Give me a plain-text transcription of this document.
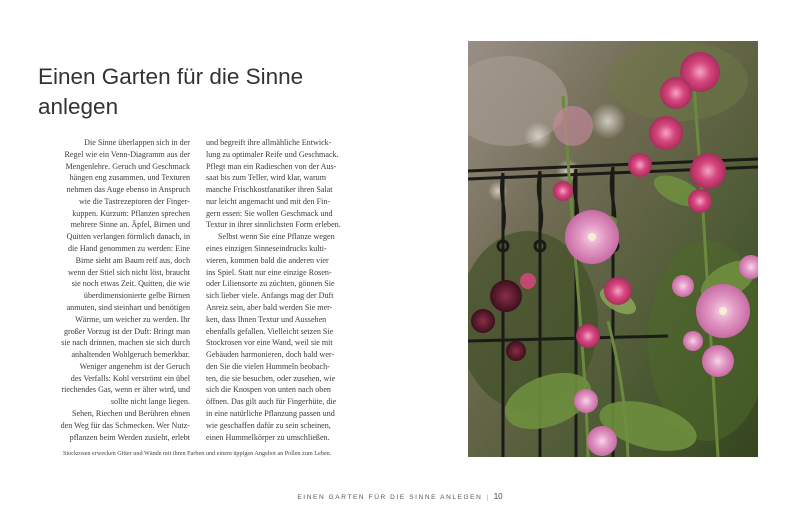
Einen Garten für die Sinne
anlegen
Die Sinne überlappen sich in der
Regel wie ein Venn-Diagramm aus der
Mengenlehre. Geruch und Geschmack
hängen eng zusammen, und Texturen
nehmen das Auge ebenso in Anspruch
wie die Tastrezeptoren der Finger-
kuppen. Kurzum: Pflanzen sprechen
mehrere Sinne an. Äpfel, Birnen und
Quitten verlangen förmlich danach, in
die Hand genommen zu werden: Eine
Birne sieht am Baum reif aus, doch
wenn der Stiel sich nicht löst, braucht
sie noch etwas Zeit. Quitten, die wie
überdimensionierte gelbe Birnen
anmuten, sind steinhart und benötigen
Wärme, um weicher zu werden. Ihr
großer Vorzug ist der Duft: Bringt man
sie nach drinnen, machen sie sich durch
anhaltenden Wohlgeruch bemerkbar.
Weniger angenehm ist der Geruch
des Verfalls: Kohl verströmt ein übel
riechendes Gas, wenn er älter wird, und
sollte nicht lange liegen.
Sehen, Riechen und Berühren ebnen
den Weg für das Schmecken. Wer Nutz-
pflanzen beim Werden zusieht, erlebt
und begreift ihre allmähliche Entwick-
lung zu optimaler Reife und Geschmack.
Pflegt man ein Radieschen von der Aus-
saat bis zum Teller, wird klar, warum
manche Frischkostfanatiker ihren Salat
nur leicht angemacht und mit den Fin-
gern essen: Sie wollen Geschmack und
Textur in ihrer sinnlichsten Form erleben.
Selbst wenn Sie eine Pflanze wegen
eines einzigen Sinneseindrucks kulti-
vieren, kommen bald die anderen vier
ins Spiel. Statt nur eine einzige Rosen-
oder Liliensorte zu züchten, gönnen Sie
sich lieber viele. Anfangs mag der Duft
Anreiz sein, aber bald werden Sie mer-
ken, dass Ihnen Textur und Aussehen
ebenfalls gefallen. Vielleicht setzen Sie
Stockrosen vor eine Wand, weil sie mit
Gebäuden harmonieren, doch bald wer-
den Sie die vielen Hummeln beobach-
ten, die sie besuchen, oder zusehen, wie
sich die Knospen von unten nach oben
öffnen. Das gilt auch für Fingerhüte, die
in eine natürliche Pflanzung passen und
wie geschaffen dafür zu sein scheinen,
einen Hummelkörper zu umschließen.
Stockrosen erwecken Gitter und Wände mit ihren Farben und einem üppigen Angebot an Pollen zum Leben.
EINEN GARTEN FÜR DIE SINNE ANLEGEN | 10
